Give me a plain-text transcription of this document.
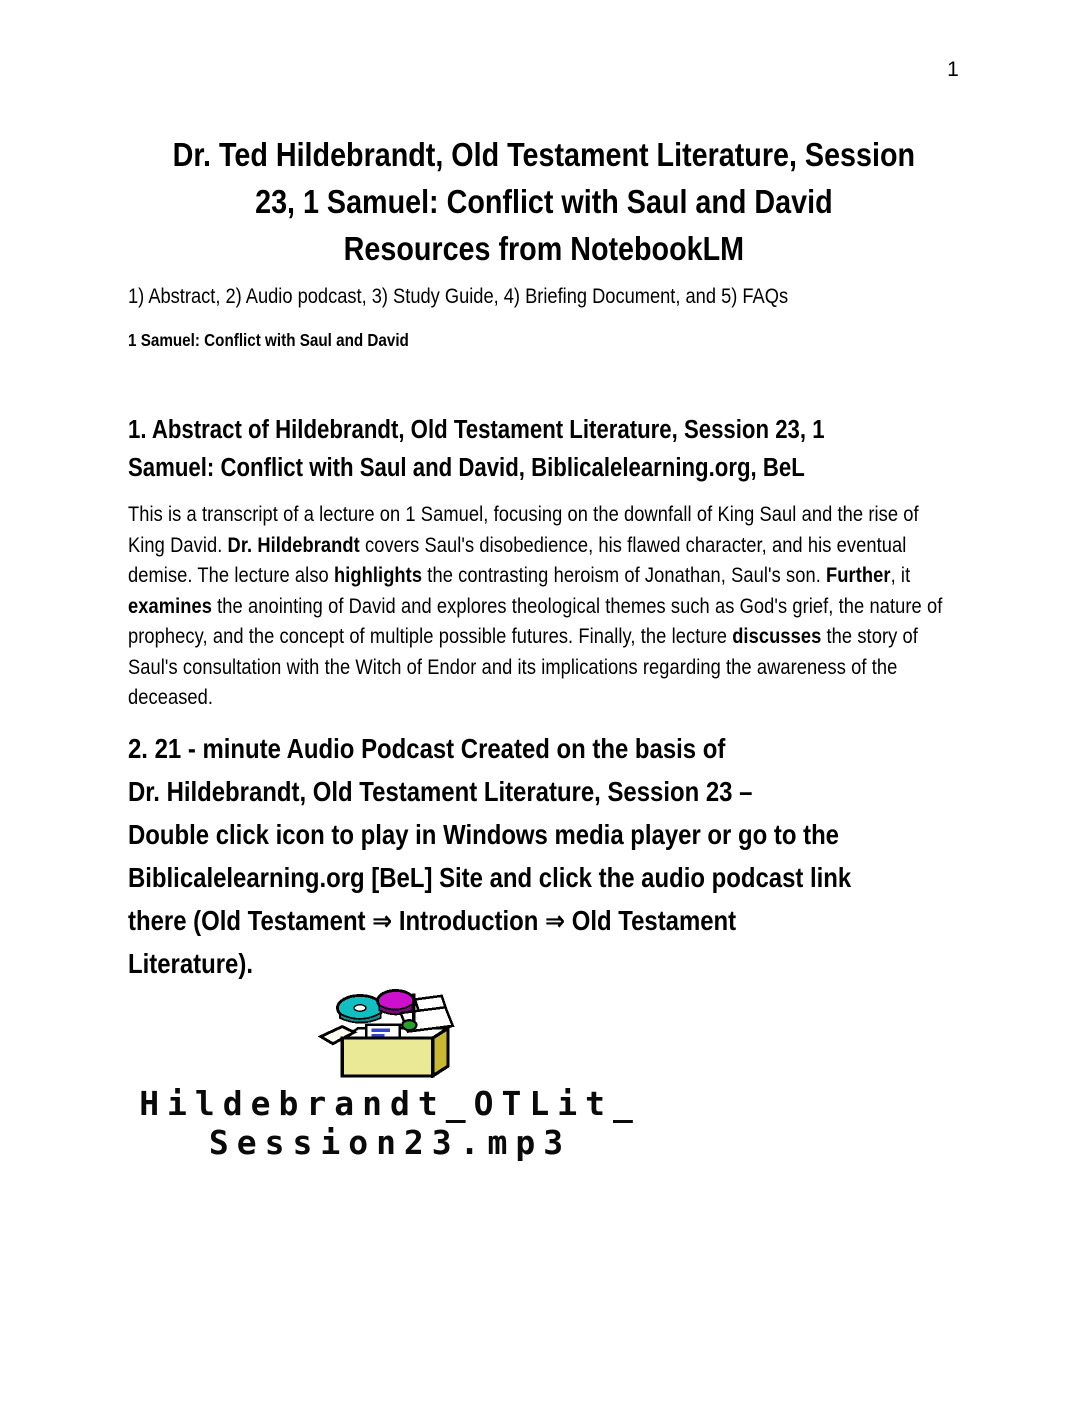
1
Dr. Ted Hildebrandt, Old Testament Literature, Session
23, 1 Samuel: Conflict with Saul and David
Resources from NotebookLM
1) Abstract, 2) Audio podcast, 3) Study Guide, 4) Briefing Document, and 5) FAQs
1 Samuel: Conflict with Saul and David
1. Abstract of Hildebrandt, Old Testament Literature, Session 23, 1
Samuel: Conflict with Saul and David, Biblicalelearning.org, BeL
This is a transcript of a lecture on 1 Samuel, focusing on the downfall of King Saul and the rise of King David. Dr. Hildebrandt covers Saul's disobedience, his flawed character, and his eventual demise. The lecture also highlights the contrasting heroism of Jonathan, Saul's son. Further, it examines the anointing of David and explores theological themes such as God's grief, the nature of prophecy, and the concept of multiple possible futures. Finally, the lecture discusses the story of Saul's consultation with the Witch of Endor and its implications regarding the awareness of the deceased.
2. 21 - minute Audio Podcast Created on the basis of
Dr. Hildebrandt, Old Testament Literature, Session 23 –
Double click icon to play in Windows media player or go to the
Biblicalelearning.org [BeL] Site and click the audio podcast link
there (Old Testament ⇒ Introduction ⇒ Old Testament
Literature).
Hildebrandt_OTLit_
Session23.mp3
